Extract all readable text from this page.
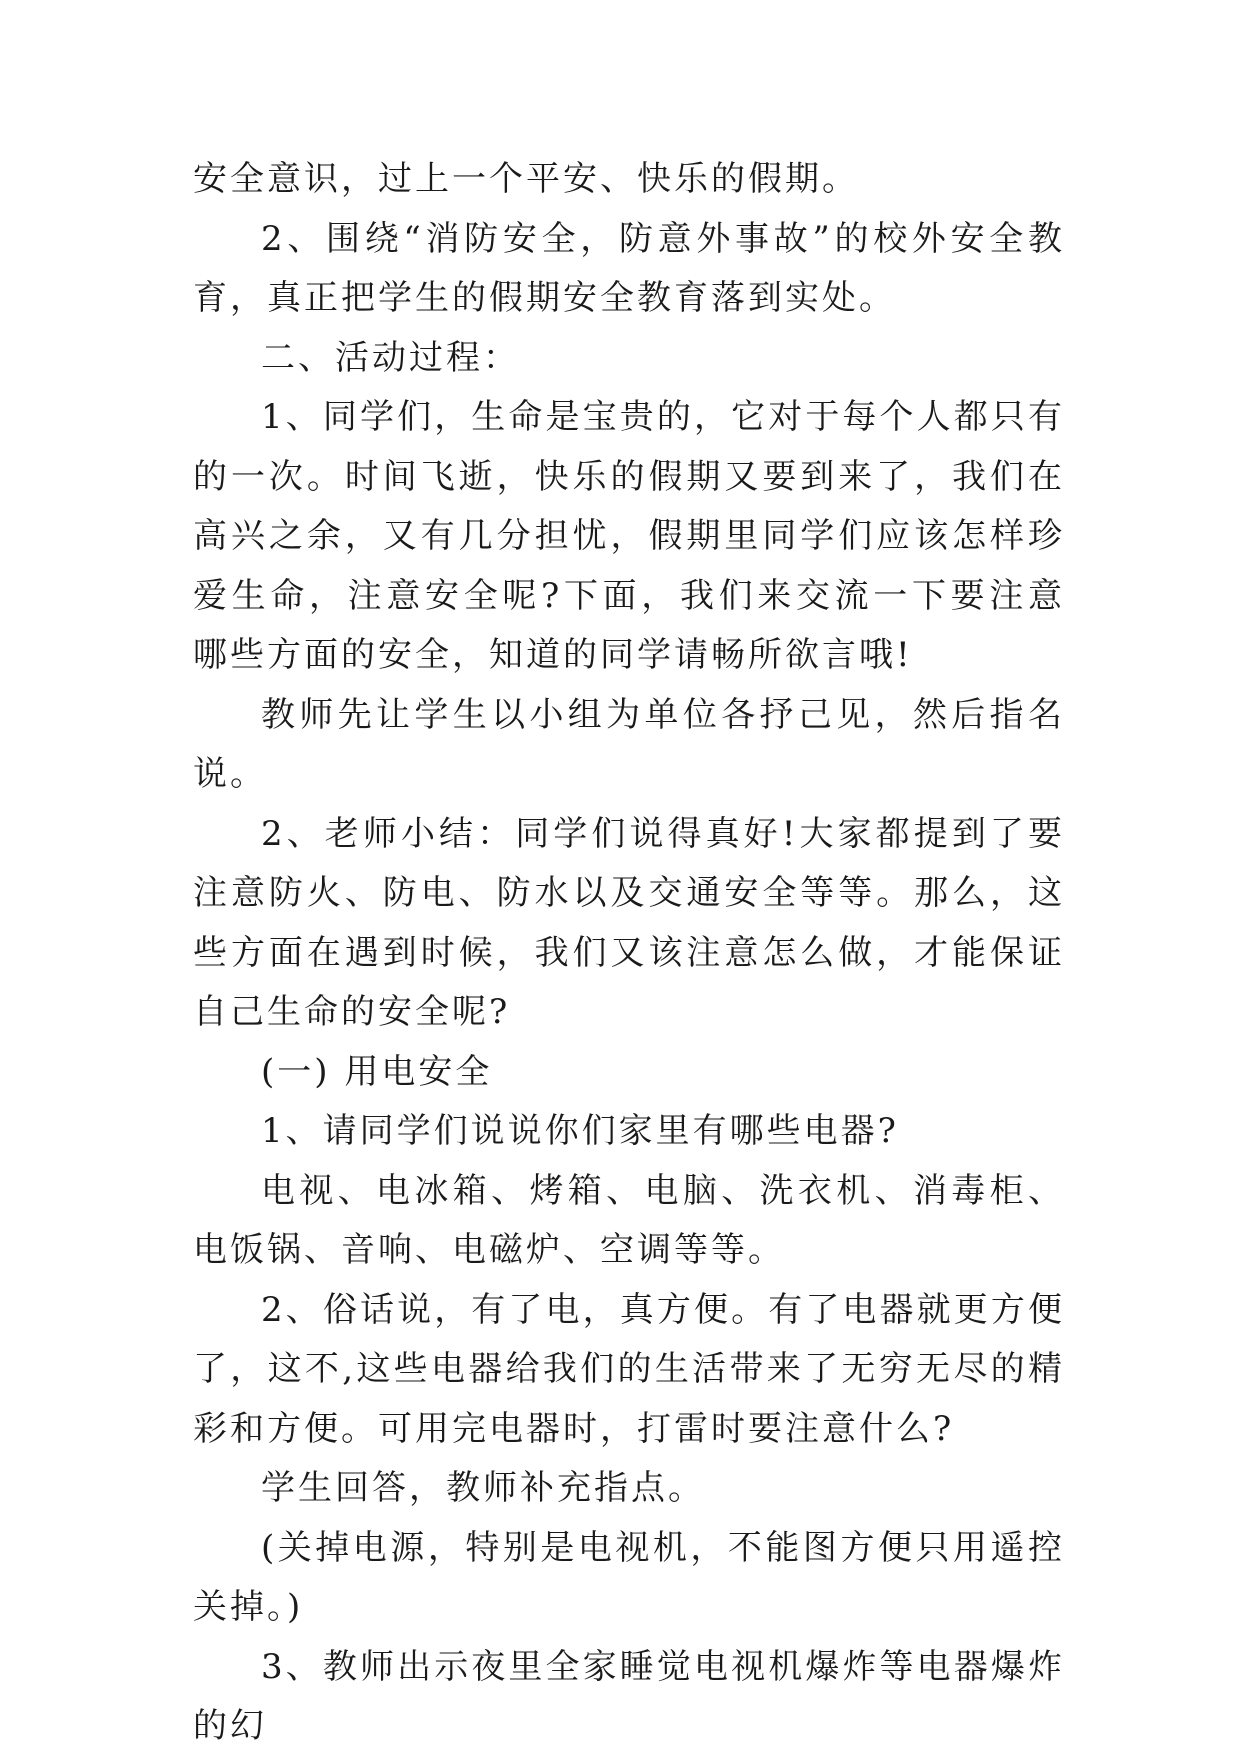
安全意识，过上一个平安、快乐的假期。

2、围绕“消防安全，防意外事故”的校外安全教育，真正把学生的假期安全教育落到实处。

二、活动过程：

1、同学们，生命是宝贵的，它对于每个人都只有的一次。时间飞逝，快乐的假期又要到来了，我们在高兴之余，又有几分担忧，假期里同学们应该怎样珍爱生命，注意安全呢?下面，我们来交流一下要注意哪些方面的安全，知道的同学请畅所欲言哦!

教师先让学生以小组为单位各抒己见，然后指名说。

2、老师小结：同学们说得真好!大家都提到了要注意防火、防电、防水以及交通安全等等。那么，这些方面在遇到时候，我们又该注意怎么做，才能保证自己生命的安全呢?

(一) 用电安全

1、请同学们说说你们家里有哪些电器?

电视、电冰箱、烤箱、电脑、洗衣机、消毒柜、电饭锅、音响、电磁炉、空调等等。

2、俗话说，有了电，真方便。有了电器就更方便了，这不,这些电器给我们的生活带来了无穷无尽的精彩和方便。可用完电器时，打雷时要注意什么?

学生回答，教师补充指点。

(关掉电源，特别是电视机，不能图方便只用遥控关掉。)

3、教师出示夜里全家睡觉电视机爆炸等电器爆炸的幻
